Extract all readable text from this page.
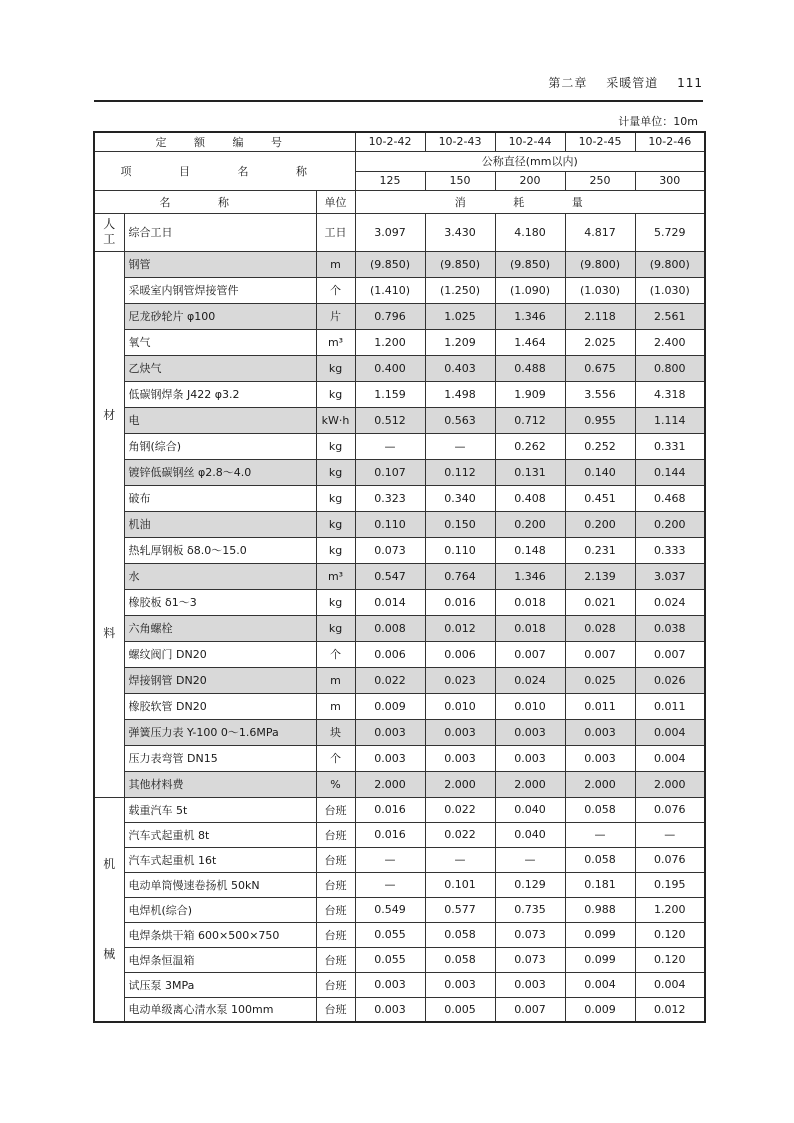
第二章 采暖管道 111
计量单位：10m
定 额 编 号			10-2-42	10-2-43	10-2-44	10-2-45	10-2-46
项 目 名 称			公称直径(mm以内)				
			125	150	200	250	300
名 称		单位	消 耗 量				
人工	综合工日	工日	3.097	3.430	4.180	4.817	5.729
材料	钢管	m	(9.850)	(9.850)	(9.850)	(9.800)	(9.800)
	采暖室内钢管焊接管件	个	(1.410)	(1.250)	(1.090)	(1.030)	(1.030)
	尼龙砂轮片 φ100	片	0.796	1.025	1.346	2.118	2.561
	氧气	m³	1.200	1.209	1.464	2.025	2.400
	乙炔气	kg	0.400	0.403	0.488	0.675	0.800
	低碳钢焊条 J422 φ3.2	kg	1.159	1.498	1.909	3.556	4.318
	电	kW·h	0.512	0.563	0.712	0.955	1.114
	角钢(综合)	kg	—	—	0.262	0.252	0.331
	镀锌低碳钢丝 φ2.8～4.0	kg	0.107	0.112	0.131	0.140	0.144
	破布	kg	0.323	0.340	0.408	0.451	0.468
	机油	kg	0.110	0.150	0.200	0.200	0.200
	热轧厚钢板 δ8.0～15.0	kg	0.073	0.110	0.148	0.231	0.333
	水	m³	0.547	0.764	1.346	2.139	3.037
	橡胶板 δ1～3	kg	0.014	0.016	0.018	0.021	0.024
	六角螺栓	kg	0.008	0.012	0.018	0.028	0.038
	螺纹阀门 DN20	个	0.006	0.006	0.007	0.007	0.007
	焊接钢管 DN20	m	0.022	0.023	0.024	0.025	0.026
	橡胶软管 DN20	m	0.009	0.010	0.010	0.011	0.011
	弹簧压力表 Y-100 0～1.6MPa	块	0.003	0.003	0.003	0.003	0.004
	压力表弯管 DN15	个	0.003	0.003	0.003	0.003	0.004
	其他材料费	%	2.000	2.000	2.000	2.000	2.000
机械	载重汽车 5t	台班	0.016	0.022	0.040	0.058	0.076
	汽车式起重机 8t	台班	0.016	0.022	0.040	—	—
	汽车式起重机 16t	台班	—	—	—	0.058	0.076
	电动单筒慢速卷扬机 50kN	台班	—	0.101	0.129	0.181	0.195
	电焊机(综合)	台班	0.549	0.577	0.735	0.988	1.200
	电焊条烘干箱 600×500×750	台班	0.055	0.058	0.073	0.099	0.120
	电焊条恒温箱	台班	0.055	0.058	0.073	0.099	0.120
	试压泵 3MPa	台班	0.003	0.003	0.003	0.004	0.004
	电动单级离心清水泵 100mm	台班	0.003	0.005	0.007	0.009	0.012
